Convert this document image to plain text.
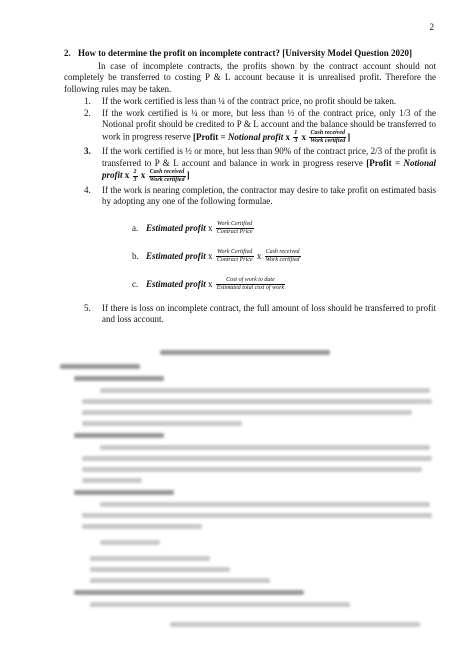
2
2. How to determine the profit on incomplete contract? [University Model Question 2020]
In case of incomplete contracts, the profits shown by the contract account should not completely be transferred to costing P & L account because it is unrealised profit. Therefore the following rules may be taken.
1.	If the work certified is less than ¼ of the contract price, no profit should be taken.
2.	If the work certified is ¼ or more, but less than ½ of the contract price, only 1/3 of the Notional profit should be credited to P & L account and the balance should be transferred to work in progress reserve [Profit = Notional profit x $\frac{1}{3}$ x $\frac{\text{Cash received}}{\text{Work certified}}$ ]
3.	If the work certified is ½ or more, but less than 90% of the contract price, 2/3 of the profit is transferred to P & L account and balance in work in progress reserve [Profit = Notional profit x $\frac{2}{3}$ x $\frac{\text{Cash received}}{\text{Work certified}}$ ]
4.	If the work is nearing completion, the contractor may desire to take profit on estimated basis by adopting any one of the following formulae.
a. Estimated profit
x
$\frac{\text{Work Certified}}{\text{Contract Price}}$
b. Estimated profit
x
$\frac{\text{Work Certified}}{\text{Contract Price}}$
x
$\frac{\text{Cash received}}{\text{Work certified}}$
c. Estimated profit
x
$\frac{\text{Cost of work to date}}{\text{Estimated total cost of work}}$
5.	If there is loss on incomplete contract, the full amount of loss should be transferred to profit and loss account.
